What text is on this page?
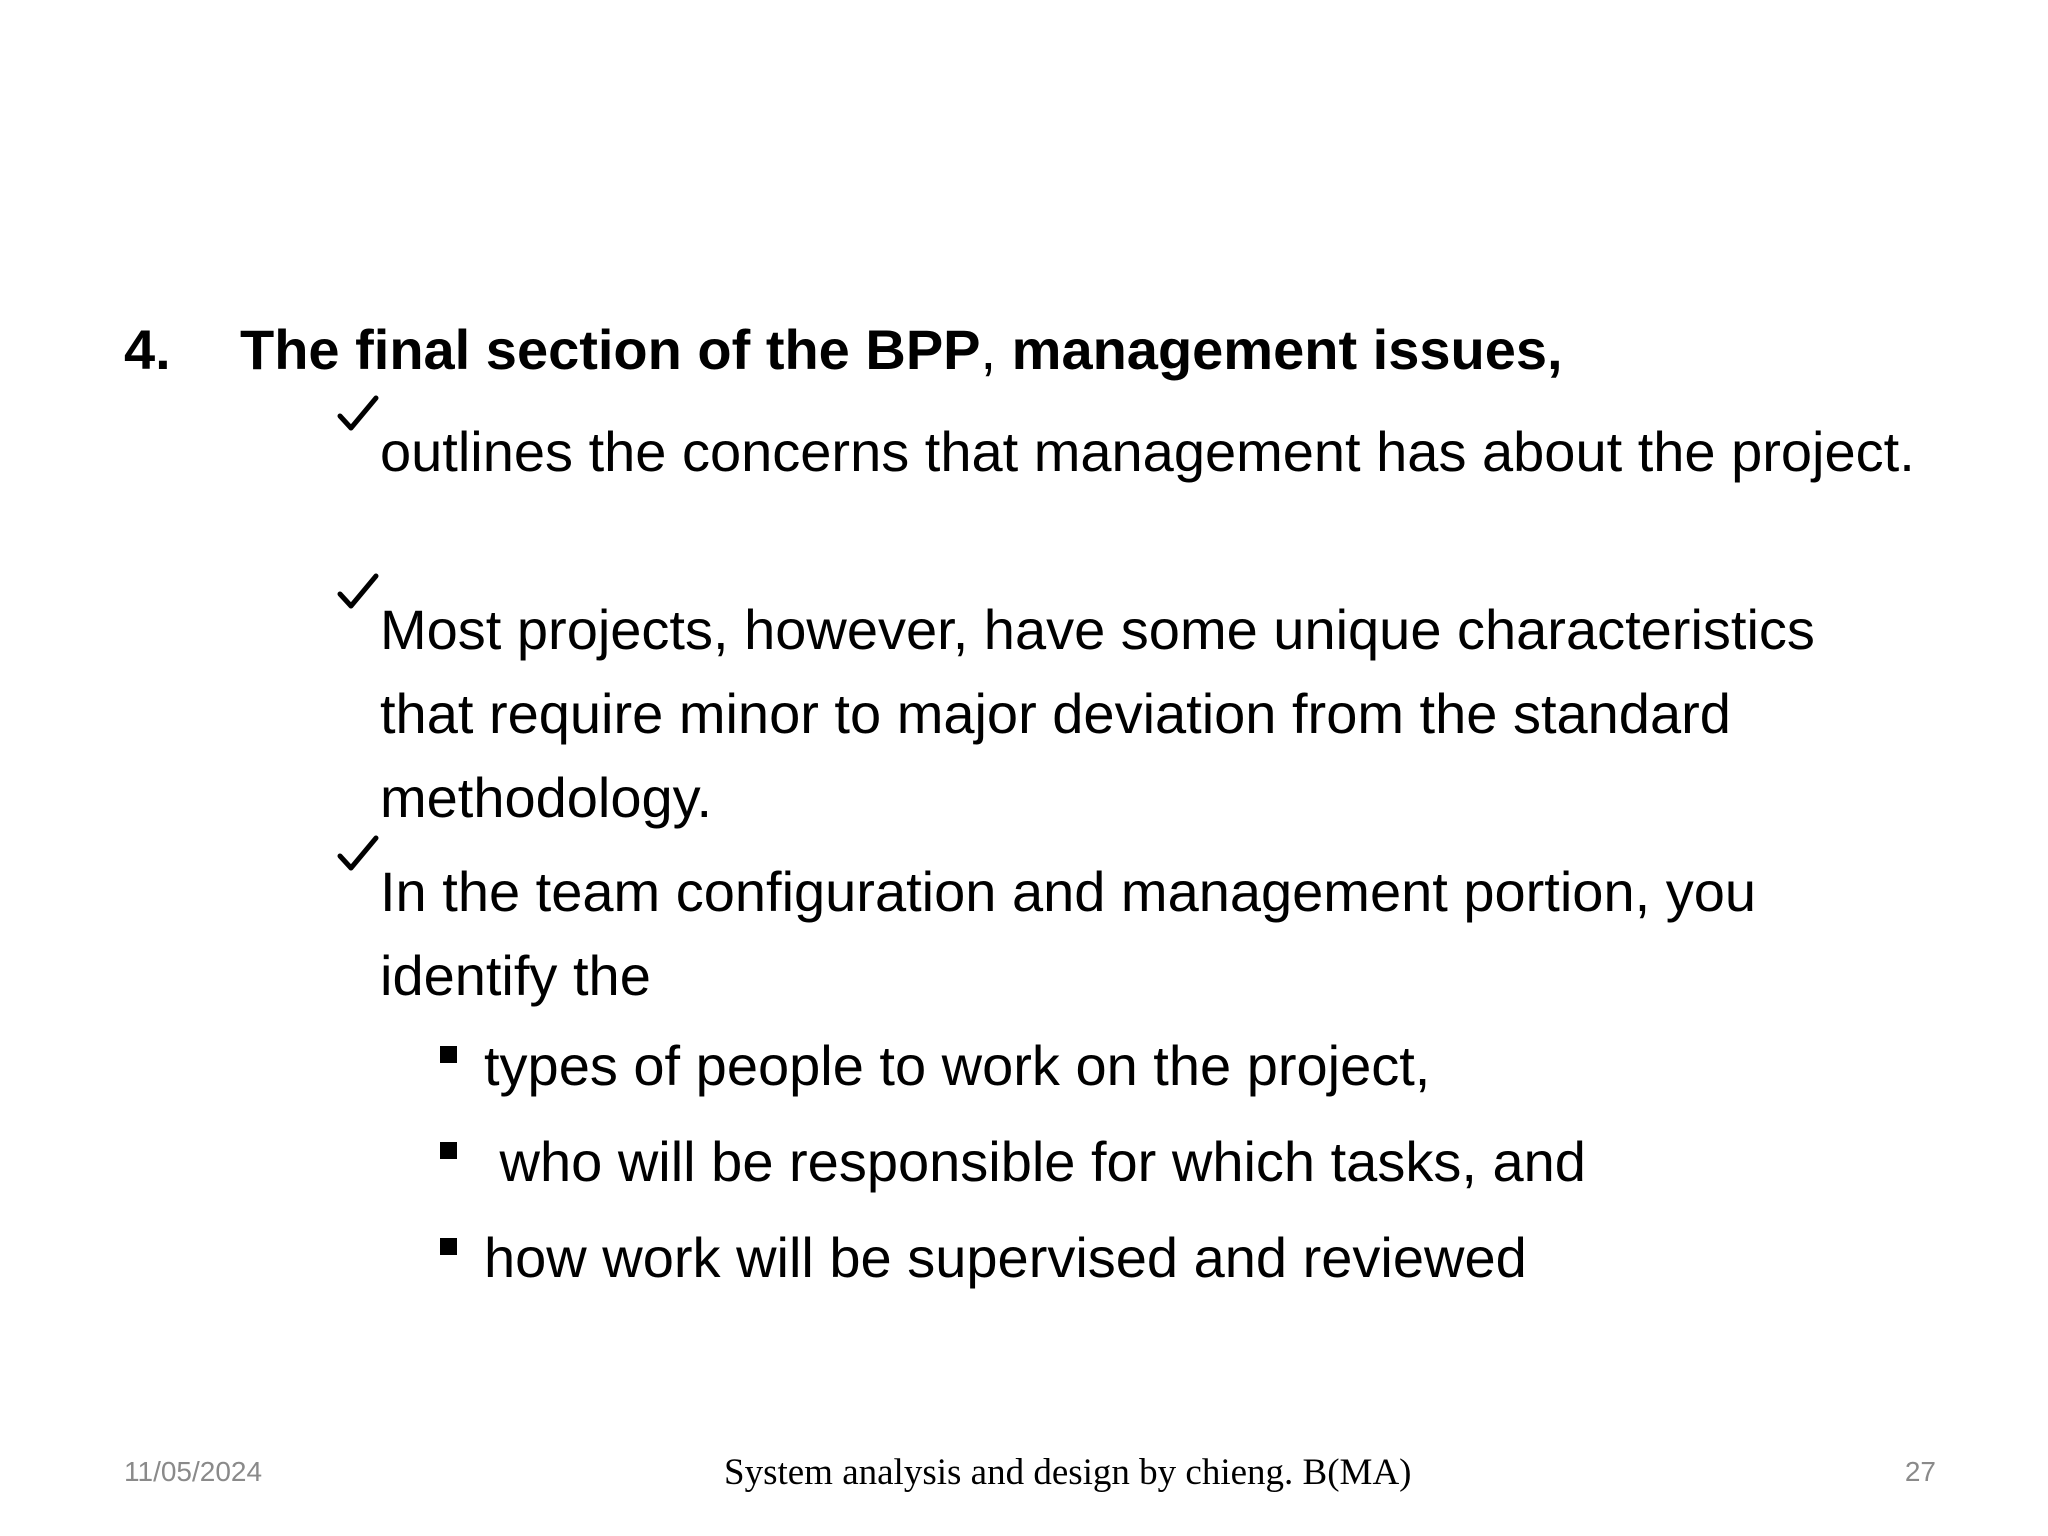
4. The final section of the BPP, management issues,
outlines the concerns that management has about the project.
Most projects, however, have some unique characteristics that require minor to major deviation from the standard methodology.
In the team configuration and management portion, you identify the
types of people to work on the project,
who will be responsible for which tasks, and
how work will be supervised and reviewed
11/05/2024	System analysis and design by chieng. B(MA)	27
